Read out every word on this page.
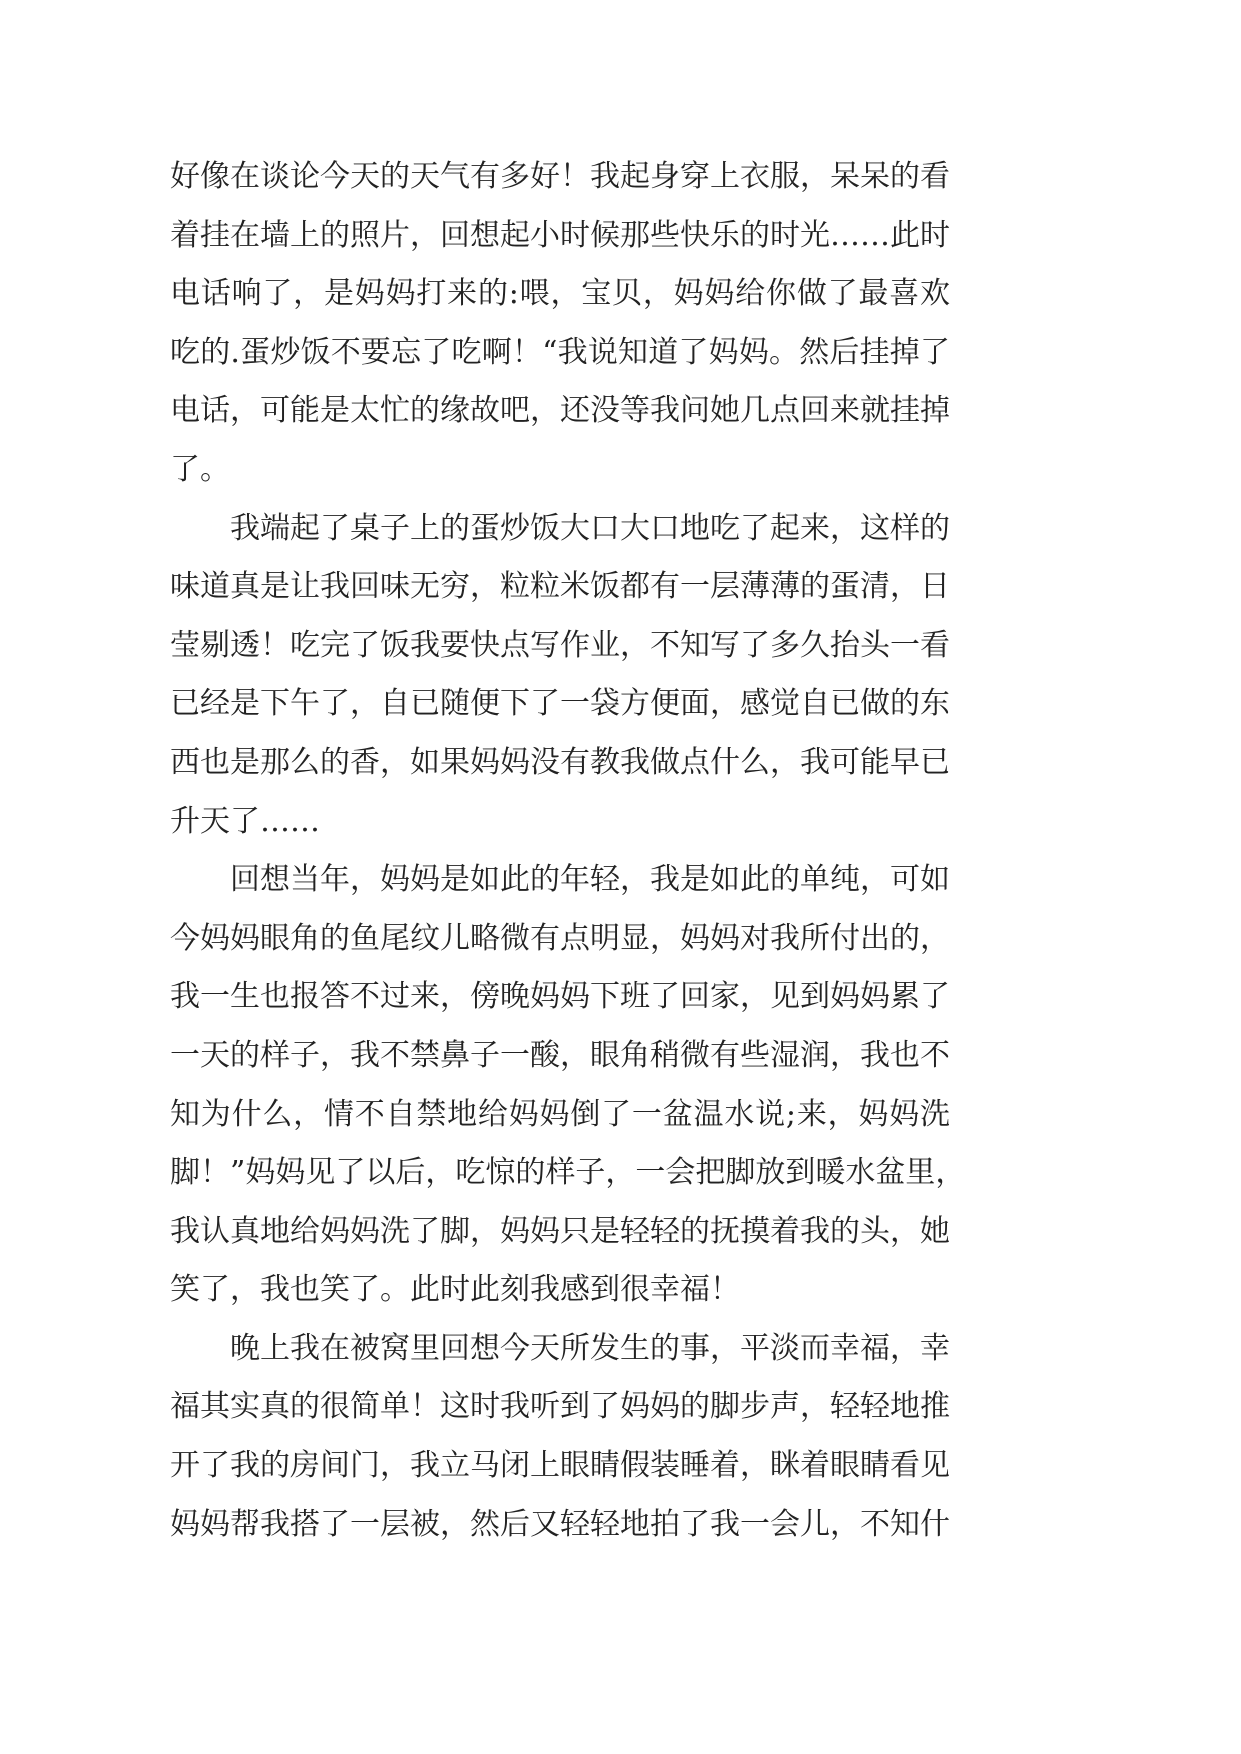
好像在谈论今天的天气有多好！我起身穿上衣服，呆呆的看
着挂在墙上的照片，回想起小时候那些快乐的时光……此时
电话响了，是妈妈打来的:喂，宝贝，妈妈给你做了最喜欢
吃的.蛋炒饭不要忘了吃啊！“我说知道了妈妈。然后挂掉了
电话，可能是太忙的缘故吧，还没等我问她几点回来就挂掉
了。
我端起了桌子上的蛋炒饭大口大口地吃了起来，这样的
味道真是让我回味无穷，粒粒米饭都有一层薄薄的蛋清，日
莹剔透！吃完了饭我要快点写作业，不知写了多久抬头一看
已经是下午了，自已随便下了一袋方便面，感觉自已做的东
西也是那么的香，如果妈妈没有教我做点什么，我可能早已
升天了……
回想当年，妈妈是如此的年轻，我是如此的单纯，可如
今妈妈眼角的鱼尾纹儿略微有点明显，妈妈对我所付出的，
我一生也报答不过来，傍晚妈妈下班了回家，见到妈妈累了
一天的样子，我不禁鼻子一酸，眼角稍微有些湿润，我也不
知为什么，情不自禁地给妈妈倒了一盆温水说;来，妈妈洗
脚！”妈妈见了以后，吃惊的样子，一会把脚放到暖水盆里，
我认真地给妈妈洗了脚，妈妈只是轻轻的抚摸着我的头，她
笑了，我也笑了。此时此刻我感到很幸福！
晚上我在被窝里回想今天所发生的事，平淡而幸福，幸
福其实真的很简单！这时我听到了妈妈的脚步声，轻轻地推
开了我的房间门，我立马闭上眼睛假装睡着，眯着眼睛看见
妈妈帮我搭了一层被，然后又轻轻地拍了我一会儿，不知什
